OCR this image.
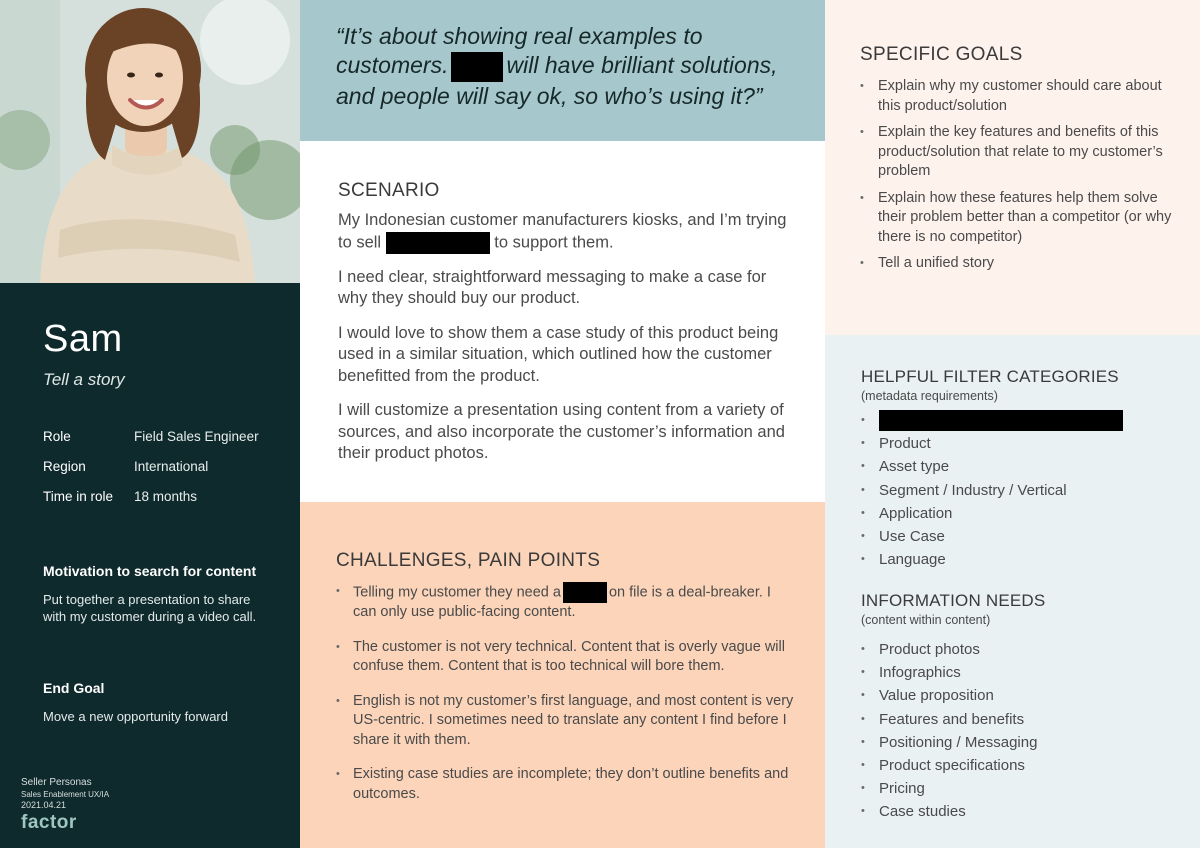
Sam
Tell a story
Role	Field Sales Engineer
Region	International
Time in role	18 months
Motivation to search for content
Put together a presentation to share with my customer during a video call.
End Goal
Move a new opportunity forward
Seller Personas
Sales Enablement UX/IA
2021.04.21
factor
“It’s about showing real examples to customers.	will have brilliant solutions, and people will say ok, so who’s using it?”
SCENARIO

My Indonesian customer manufacturers kiosks, and I’m trying to sell	to support them.

I need clear, straightforward messaging to make a case for why they should buy our product.

I would love to show them a case study of this product being used in a similar situation, which outlined how the customer benefitted from the product.

I will customize a presentation using content from a variety of sources, and also incorporate the customer’s information and their product photos.

CHALLENGES, PAIN POINTS
• Telling my customer they need a	on file is a deal-breaker. I can only use public-facing content.
• The customer is not very technical. Content that is overly vague will confuse them. Content that is too technical will bore them.
• English is not my customer’s first language, and most content is very US-centric. I sometimes need to translate any content I find before I share it with them.
• Existing case studies are incomplete; they don’t outline benefits and outcomes.
SPECIFIC GOALS
• Explain why my customer should care about this product/solution
• Explain the key features and benefits of this product/solution that relate to my customer’s problem
• Explain how these features help them solve their problem better than a competitor (or why there is no competitor)
• Tell a unified story
HELPFUL FILTER CATEGORIES
(metadata requirements)
•
• Product
• Asset type
• Segment / Industry / Vertical
• Application
• Use Case
• Language
INFORMATION NEEDS
(content within content)
• Product photos
• Infographics
• Value proposition
• Features and benefits
• Positioning / Messaging
• Product specifications
• Pricing
• Case studies
